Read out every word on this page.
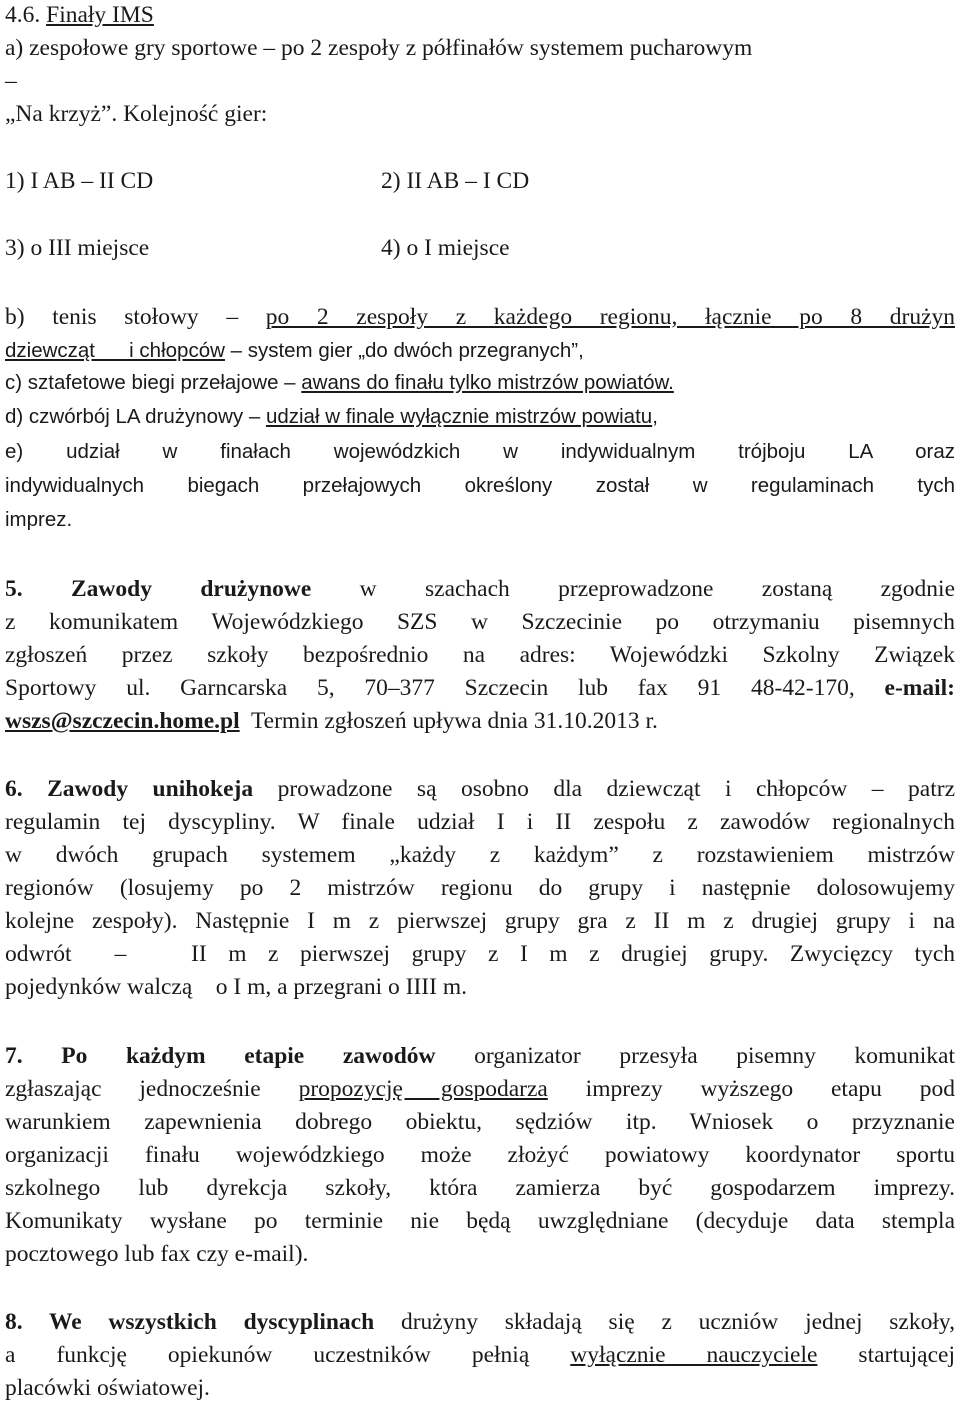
4.6. Finały IMS
a) zespołowe gry sportowe – po 2 zespoły z półfinałów systemem pucharowym
–
„Na krzyż”. Kolejność gier:
1) I AB – II CD	2) II AB – I CD
3) o III miejsce	4) o I miejsce
b) tenis stołowy – po 2 zespoły z każdego regionu, łącznie po 8 drużyn
dziewcząt      i chłopców – system gier „do dwóch przegranych”,
c) sztafetowe biegi przełajowe – awans do finału tylko mistrzów powiatów.
d) czwórbój LA drużynowy – udział w finale wyłącznie mistrzów powiatu,
e) udział w finałach wojewódzkich w indywidualnym trójboju LA oraz
indywidualnych biegach przełajowych określony został w regulaminach tych
imprez.
5. Zawody drużynowe w szachach przeprowadzone zostaną zgodnie
z komunikatem Wojewódzkiego SZS w Szczecinie po otrzymaniu pisemnych
zgłoszeń przez szkoły bezpośrednio na adres: Wojewódzki Szkolny Związek
Sportowy ul. Garncarska 5, 70–377 Szczecin lub fax 91 48-42-170, e-mail:
wszs@szczecin.home.pl  Termin zgłoszeń upływa dnia 31.10.2013 r.
6. Zawody unihokeja prowadzone są osobno dla dziewcząt i chłopców – patrz
regulamin tej dyscypliny. W finale udział I i II zespołu z zawodów regionalnych
w dwóch grupach systemem „każdy z każdym” z rozstawieniem mistrzów
regionów (losujemy po 2 mistrzów regionu do grupy i następnie dolosowujemy
kolejne zespoły). Następnie I m z pierwszej grupy gra z II m z drugiej grupy i na
odwrót  –   II m z pierwszej grupy z I m z drugiej grupy. Zwycięzcy tych
pojedynków walczą    o I m, a przegrani o IIII m.
7. Po każdym etapie zawodów organizator przesyła pisemny komunikat
zgłaszając jednocześnie propozycję gospodarza imprezy wyższego etapu pod
warunkiem zapewnienia dobrego obiektu, sędziów itp. Wniosek o przyznanie
organizacji finału wojewódzkiego może złożyć powiatowy koordynator sportu
szkolnego lub dyrekcja szkoły, która zamierza być gospodarzem imprezy.
Komunikaty wysłane po terminie nie będą uwzględniane (decyduje data stempla
pocztowego lub fax czy e-mail).
8. We wszystkich dyscyplinach drużyny składają się z uczniów jednej szkoły,
a funkcję opiekunów uczestników pełnią wyłącznie nauczyciele startującej
placówki oświatowej.
